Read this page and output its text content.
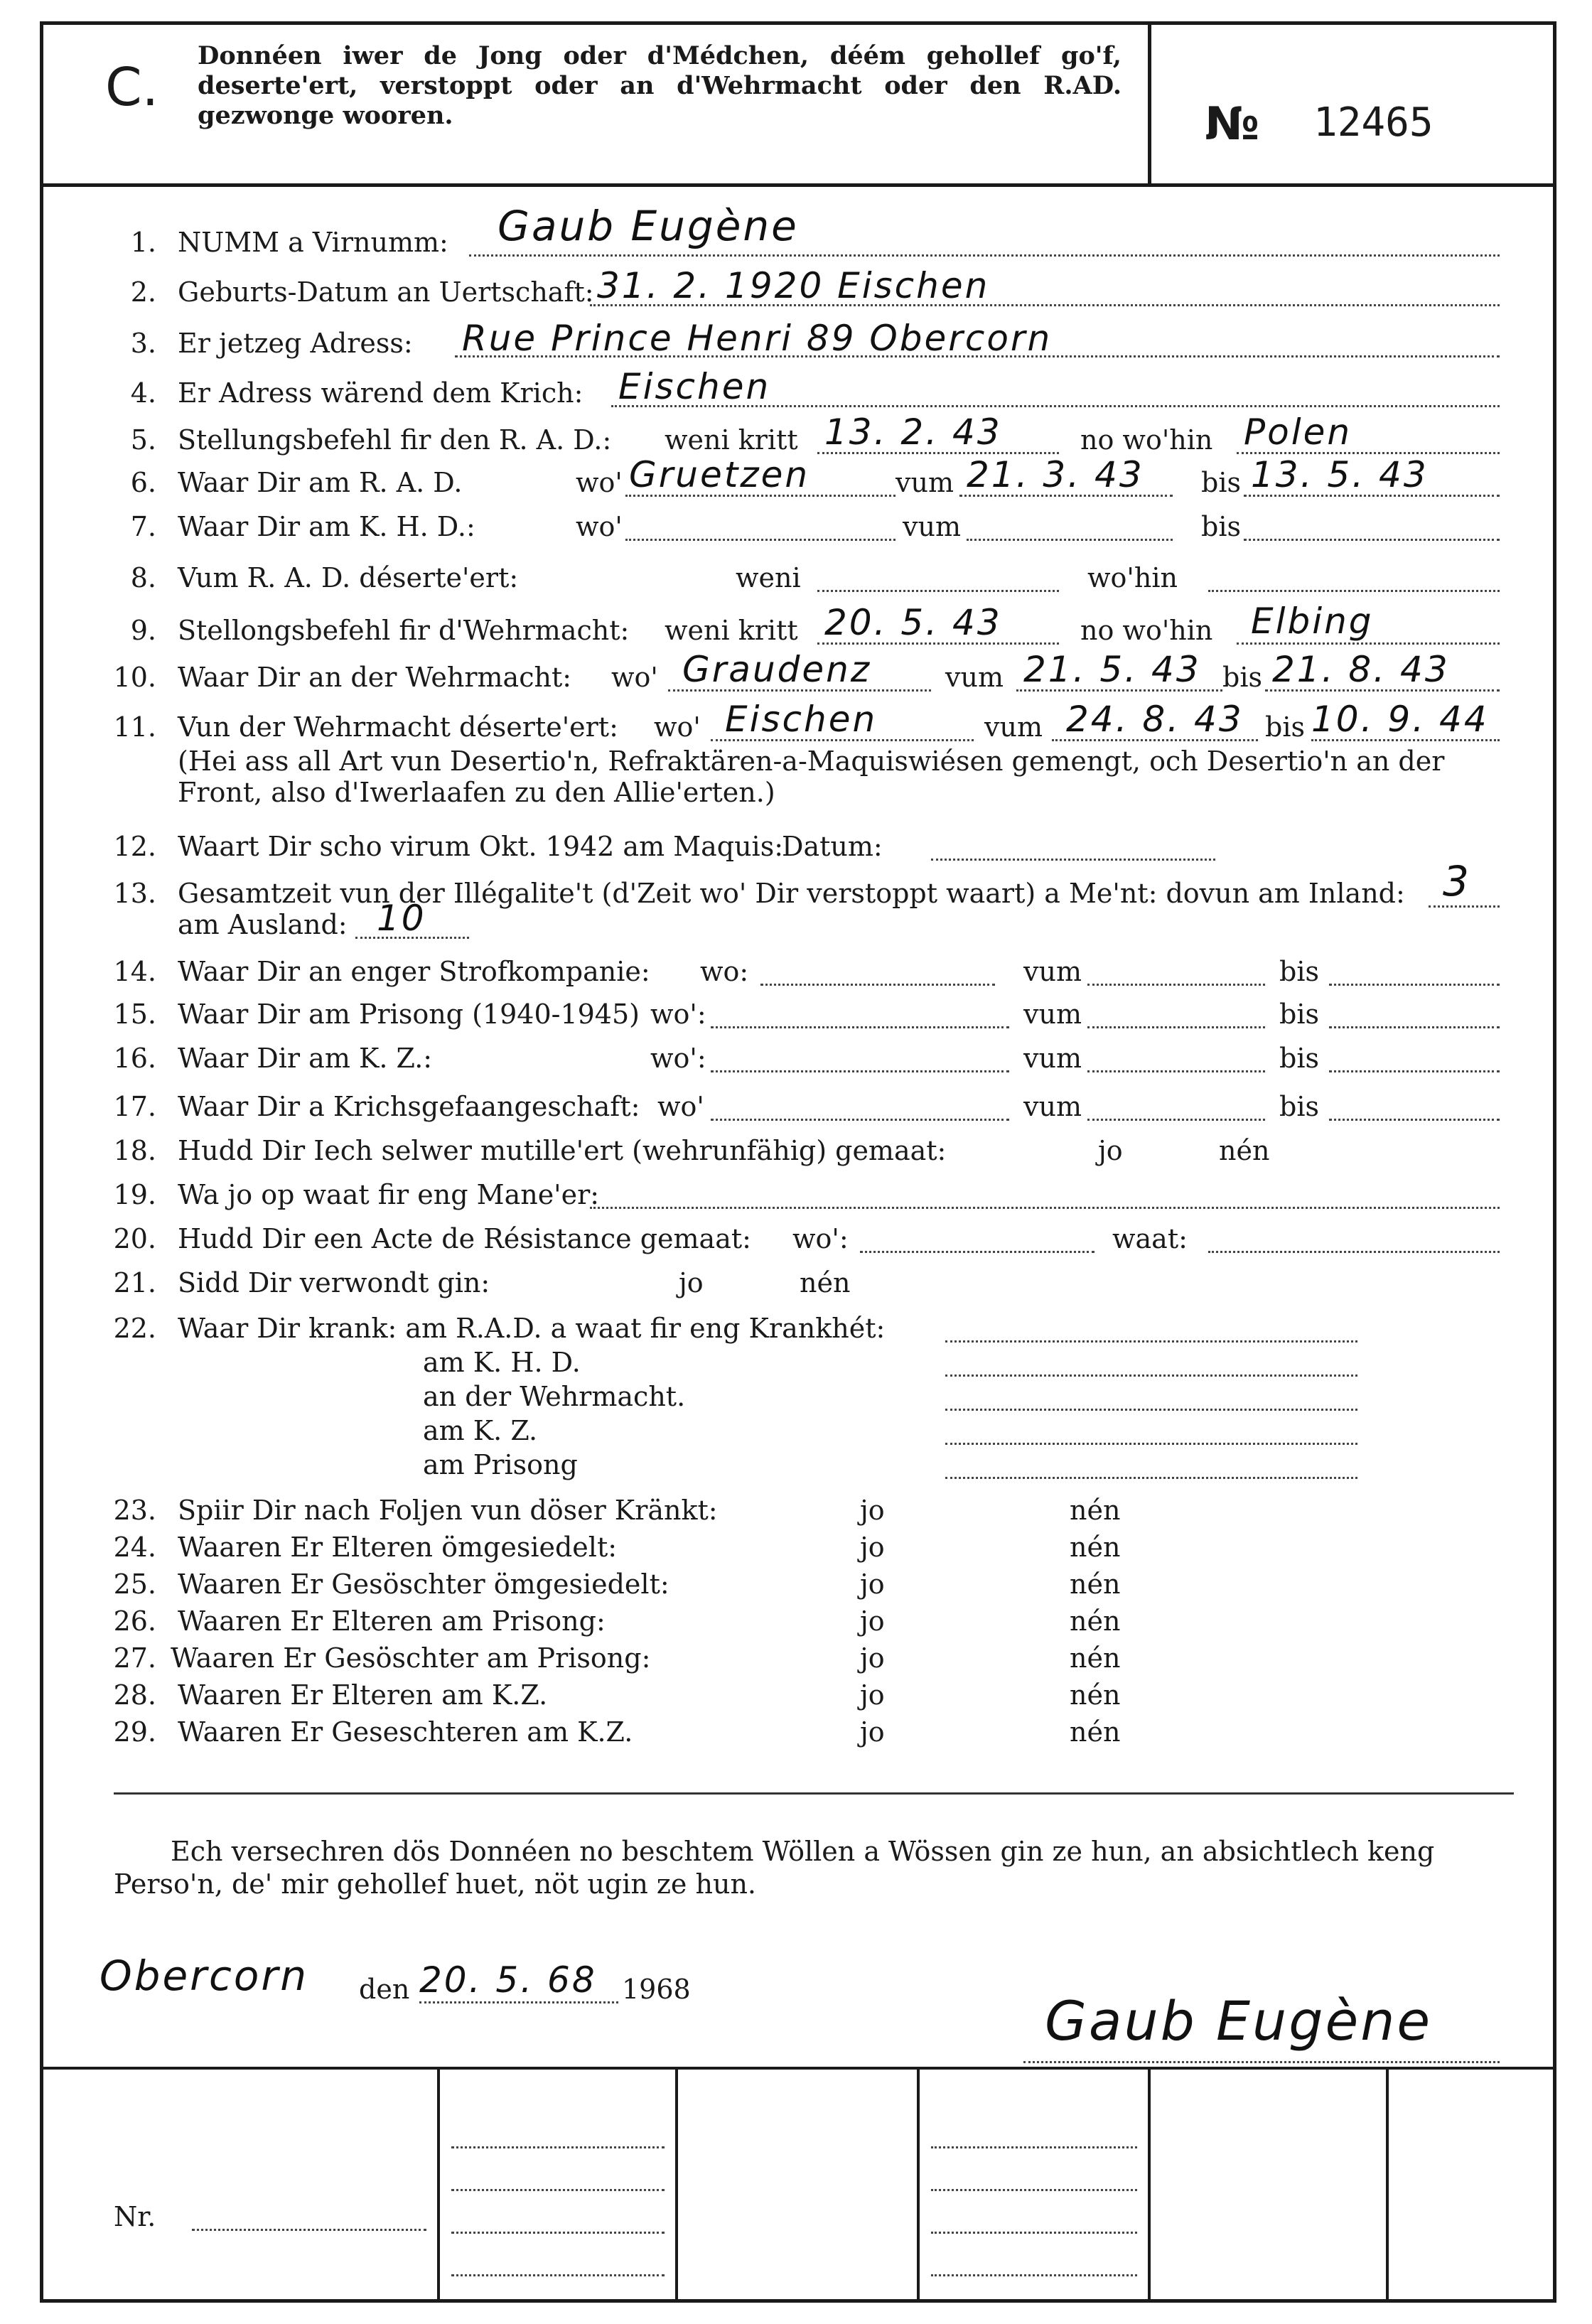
C.
Donnéen iwer de Jong oder d'Médchen, déém gehollef go'f, deserte'ert, verstoppt oder an d'Wehrmacht oder den R.AD. gezwonge wooren.	№ 12465
1. NUMM a Virnumm: Gaub Eugène
2. Geburts-Datum an Uertschaft: 31. 2. 1920 Eischen
3. Er jetzeg Adress: Rue Prince Henri 89 Obercorn
4. Er Adress wärend dem Krich: Eischen
5. Stellungsbefehl fir den R. A. D.: weni kritt 13. 2. 43	no wo'hin Polen
6. Waar Dir am R. A. D.	wo' Gruetzen	vum 21. 3. 43 bis 13. 5. 43
7. Waar Dir am K. H. D.:	wo'	vum	bis
8. Vum R. A. D. déserte'ert:	weni	wo'hin
9. Stellongsbefehl fir d'Wehrmacht: weni kritt 20. 5. 43	no wo'hin Elbing
10. Waar Dir an der Wehrmacht: wo' Graudenz	vum 21. 5. 43 bis 21. 8. 43
11. Vun der Wehrmacht déserte'ert: wo' Eischen	vum 24. 8. 43 bis 10. 9. 44
(Hei ass all Art vun Desertio'n, Refraktären-a-Maquiswiésen gemengt, och Desertio'n an der
Front, also d'Iwerlaafen zu den Allie'erten.)
12. Waart Dir scho virum Okt. 1942 am Maquis:
Datum:
13. Gesamtzeit vun der Illégalite't (d'Zeit wo' Dir verstoppt waart) a Me'nt: dovun am Inland: 3
am Ausland: 10
14. Waar Dir an enger Strofkompanie: wo:	vum	bis
15. Waar Dir am Prisong (1940-1945) wo':	vum	bis
16. Waar Dir am K. Z.:	wo':	vum	bis
17. Waar Dir a Krichsgefaangeschaft: wo'	vum	bis
18. Hudd Dir Iech selwer mutille'ert (wehrunfähig) gemaat:	jo	nén
19. Wa jo op waat fir eng Mane'er:
20. Hudd Dir een Acte de Résistance gemaat: wo':	waat:
21. Sidd Dir verwondt gin:	jo	nén
22. Waar Dir krank: am R.A.D. a waat fir eng Krankhét:
am K. H. D.
an der Wehrmacht.
am K. Z.
am Prisong
23. Spiir Dir nach Foljen vun döser Kränkt:	jo	nén
24. Waaren Er Elteren ömgesiedelt:	jo	nén
25. Waaren Er Gesöschter ömgesiedelt:	jo	nén
26. Waaren Er Elteren am Prisong:	jo	nén
27. Waaren Er Gesöschter am Prisong:	jo	nén
28. Waaren Er Elteren am K.Z.	jo	nén
29. Waaren Er Geseschteren am K.Z.	jo	nén
Ech versechren dös Donnéen no beschtem Wöllen a Wössen gin ze hun, an absichtlech keng
Perso'n, de' mir gehollef huet, nöt ugin ze hun.
Obercorn den 20. 5. 68 1968	Gaub Eugène
Nr.
